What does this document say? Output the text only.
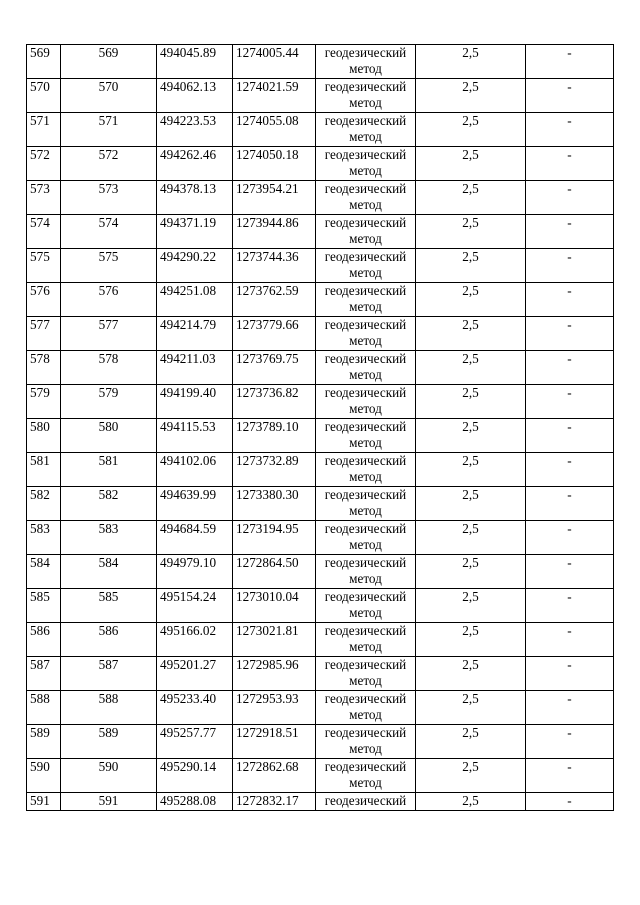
569	569	494045.89	1274005.44	геодезический метод	2,5	-
570	570	494062.13	1274021.59	геодезический метод	2,5	-
571	571	494223.53	1274055.08	геодезический метод	2,5	-
572	572	494262.46	1274050.18	геодезический метод	2,5	-
573	573	494378.13	1273954.21	геодезический метод	2,5	-
574	574	494371.19	1273944.86	геодезический метод	2,5	-
575	575	494290.22	1273744.36	геодезический метод	2,5	-
576	576	494251.08	1273762.59	геодезический метод	2,5	-
577	577	494214.79	1273779.66	геодезический метод	2,5	-
578	578	494211.03	1273769.75	геодезический метод	2,5	-
579	579	494199.40	1273736.82	геодезический метод	2,5	-
580	580	494115.53	1273789.10	геодезический метод	2,5	-
581	581	494102.06	1273732.89	геодезический метод	2,5	-
582	582	494639.99	1273380.30	геодезический метод	2,5	-
583	583	494684.59	1273194.95	геодезический метод	2,5	-
584	584	494979.10	1272864.50	геодезический метод	2,5	-
585	585	495154.24	1273010.04	геодезический метод	2,5	-
586	586	495166.02	1273021.81	геодезический метод	2,5	-
587	587	495201.27	1272985.96	геодезический метод	2,5	-
588	588	495233.40	1272953.93	геодезический метод	2,5	-
589	589	495257.77	1272918.51	геодезический метод	2,5	-
590	590	495290.14	1272862.68	геодезический метод	2,5	-
591	591	495288.08	1272832.17	геодезический	2,5	-
